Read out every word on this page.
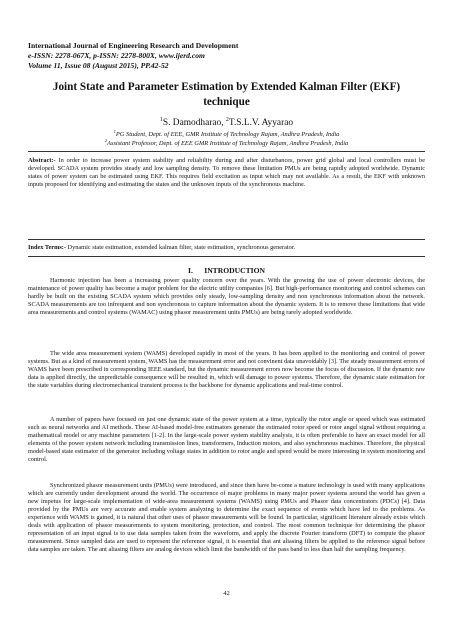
International Journal of Engineering Research and Development
e-ISSN: 2278-067X, p-ISSN: 2278-800X, www.ijerd.com
Volume 11, Issue 08 (August 2015), PP.42-52
Joint State and Parameter Estimation by Extended Kalman Filter (EKF) technique
$^1$S. Damodharao, $^2$T.S.L.V. Ayyarao
$^1$PG Student, Dept. of EEE, GMR Institute of Technology Rajam, Andhra Pradesh, India
$^2$Assistant Professor, Dept. of EEE GMR Institute of Technology Rajam, Andhra Pradesh, India
Abstract:- In order to increase power system stability and reliability during and after disturbances, power grid global and local controllers must be developed. SCADA system provides steady and low sampling density. To remove these limitation PMUs are being rapidly adopted worldwide. Dynamic states of power system can be estimated using EKF. This requires field excitation as input which may not available. As a result, the EKF with unknown inputs proposed for identifying and estimating the states and the unknown inputs of the synchronous machine.
Index Terms:- Dynamic state estimation, extended kalman filter, state estimation, synchronous generator.
I. INTRODUCTION
Harmonic injection has been a increasing power quality concern over the years. With the growing the use of power electronic devices, the maintenance of power quality has become a major problem for the electric utility companies [6]. But high-performance monitoring and control schemes can hardly be built on the existing SCADA system which provides only steady, low-sampling density and non synchronous information about the network. SCADA measurements are too infrequent and non synchronous to capture information about the dynamic system. It is to remove these limitations that wide area measurements and control systems (WAMAC) using phasor measurement units PMUs) are being rarely adopted worldwide.
The wide area measurement system (WAMS) developed rapidly in most of the years. It has been applied to the monitoring and control of power systems. But as a kind of measurement system, WAMS has the measurement error and not convinent data unavoidably [3]. The steady measurement errors of WAMS have been prescribed in corresponding IEEE standard, but the dynamic measurement errors now become the focus of discussion. If the dynamic raw data is applied directly, the unpredictable consequence will be resulted in, which will damage to power systems. Therefore, the dynamic state estimation for the state variables during electromechanical transient process is the backbone for dynamic applications and real-time control.
A number of papers have focused on just one dynamic state of the power system at a time, typically the rotor angle or speed which was estimated such as neural networks and AI methods. These AI-based model-free estimators generate the estimated rotor speed or rotor angel signal without requiring a mathematical model or any machine parameters [1-2]. In the large-scale power system stability analysis, it is often preferable to have an exact model for all elements of the power system network including transmission lines, transformers, Induction motors, and also synchronous machines. Therefore, the physical model-based state estimator of the generator including voltage states in addition to rotor angle and speed would be more interesting in system monitoring and control.
Synchronized phasor measurement units (PMUs) were introduced, and since then have be-come a mature technology is used with many applications which are currently under development around the world. The occurrence of major problems in many major power systems around the world has given a new impetus for large-scale implementation of wide-area measurement systems (WAMS) using PMUs and Phasor data concentrators (PDCs) [4]. Data provided by the PMUs are very accurate and enable system analyzing to determine the exact sequence of events which have led to the problems. As experience with WAMS is gained, it is natural that other uses of phasor measurements will be found. In particular, significant literature already exists which deals with application of phasor measurements to system monitoring, protection, and control. The most common technique for determining the phasor representation of an input signal is to use data samples taken from the waveform, and apply the discrete Fourier transform (DFT) to compute the phasor measurement. Since sampled data are used to represent the reference signal, it is essential that ant aliasing filters be applied to the reference signal before data samples are taken. The ant aliasing filters are analog devices which limit the bandwidth of the pass band to less than half the sampling frequency.
42
